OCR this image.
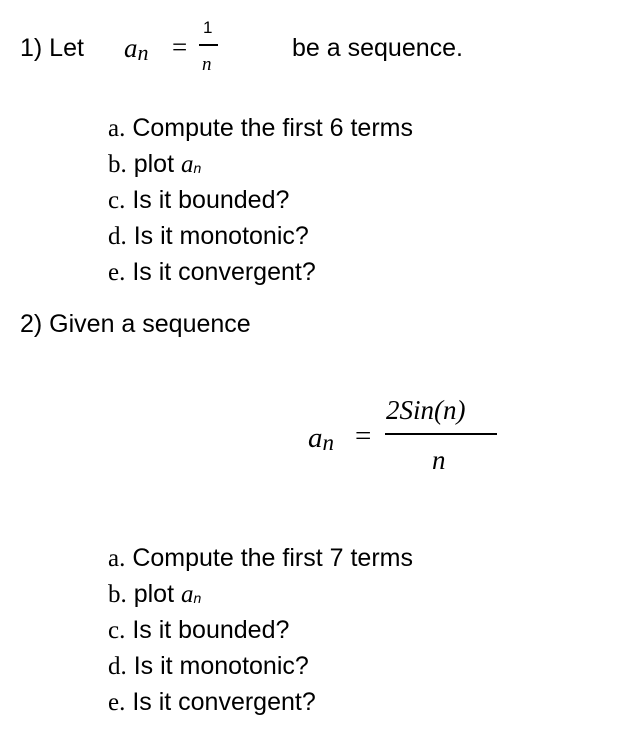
1) Let an =
1
n
be a sequence.
a. Compute the first 6 terms
b. plot an
c. Is it bounded?
d. Is it monotonic?
e. Is it convergent?
2) Given a sequence
an =
2Sin(n)
n
a. Compute the first 7 terms
b. plot an
c. Is it bounded?
d. Is it monotonic?
e. Is it convergent?
